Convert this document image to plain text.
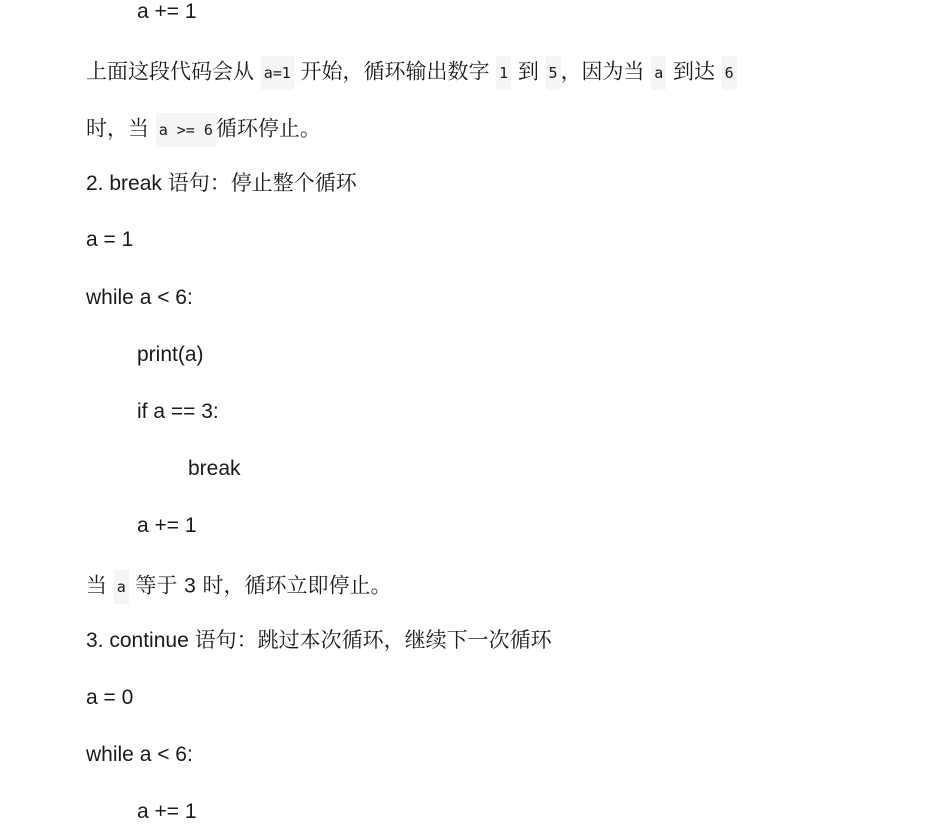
a += 1
上面这段代码会从 a=1 开始，循环输出数字 1 到 5 ，因为当 a 到达 6
时，当 a >= 6 循环停止。
2. break 语句：停止整个循环
a = 1
while a < 6:
print(a)
if a == 3:
break
a += 1
当 a 等于 3 时，循环立即停止。
3. continue 语句：跳过本次循环，继续下一次循环
a = 0
while a < 6:
a += 1
